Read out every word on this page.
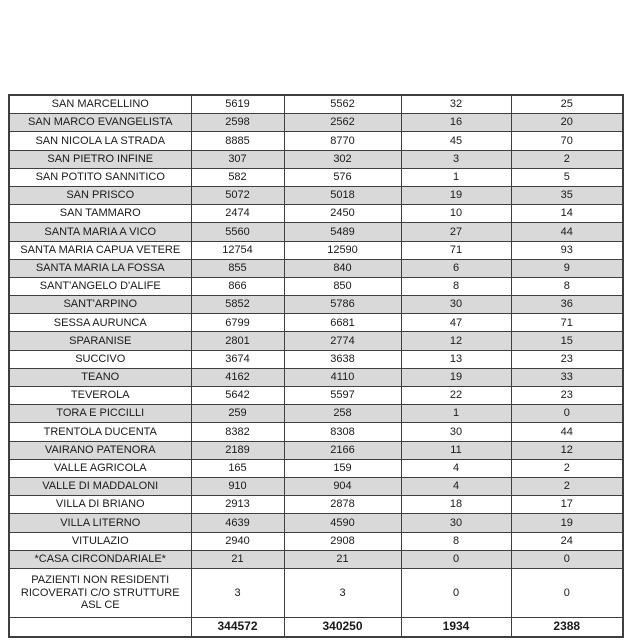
SAN MARCELLINO	5619	5562	32	25
SAN MARCO EVANGELISTA	2598	2562	16	20
SAN NICOLA LA STRADA	8885	8770	45	70
SAN PIETRO INFINE	307	302	3	2
SAN POTITO SANNITICO	582	576	1	5
SAN PRISCO	5072	5018	19	35
SAN TAMMARO	2474	2450	10	14
SANTA MARIA A VICO	5560	5489	27	44
SANTA MARIA CAPUA VETERE	12754	12590	71	93
SANTA MARIA LA FOSSA	855	840	6	9
SANT'ANGELO D'ALIFE	866	850	8	8
SANT'ARPINO	5852	5786	30	36
SESSA AURUNCA	6799	6681	47	71
SPARANISE	2801	2774	12	15
SUCCIVO	3674	3638	13	23
TEANO	4162	4110	19	33
TEVEROLA	5642	5597	22	23
TORA E PICCILLI	259	258	1	0
TRENTOLA DUCENTA	8382	8308	30	44
VAIRANO PATENORA	2189	2166	11	12
VALLE AGRICOLA	165	159	4	2
VALLE DI MADDALONI	910	904	4	2
VILLA DI BRIANO	2913	2878	18	17
VILLA LITERNO	4639	4590	30	19
VITULAZIO	2940	2908	8	24
*CASA CIRCONDARIALE*	21	21	0	0
PAZIENTI NON RESIDENTI RICOVERATI C/O STRUTTURE ASL CE	3	3	0	0
	344572	340250	1934	2388
